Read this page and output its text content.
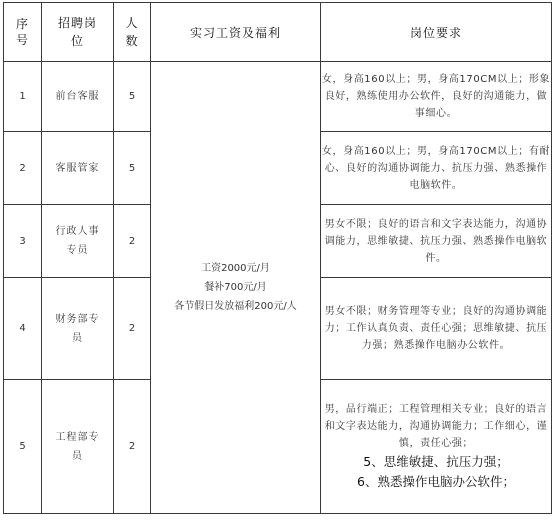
序
号	招聘岗
位	人
数	实习工资及福利	岗位要求
1	前台客服	5	工资2000元/月
餐补700元/月
各节假日发放福利200元/人	女，身高160以上；男，身高170CM以上；形象良好，熟练使用办公软件，良好的沟通能力，做事细心。
2	客服管家	5		女，身高160以上；男，身高170CM以上；有耐心、良好的沟通协调能力、抗压力强、熟悉操作电脑软件。
3	行政人事
专员	2		男女不限；良好的语言和文字表达能力，沟通协调能力，思维敏捷、抗压力强、熟悉操作电脑软件。
4	财务部专
员	2		男女不限；财务管理等专业；良好的沟通协调能力；工作认真负责、责任心强；思维敏捷、抗压力强；熟悉操作电脑办公软件。
5	工程部专
员	2		男，品行端正；工程管理相关专业；良好的语言和文字表达能力，沟通协调能力；工作细心，谨慎，责任心强；
5、思维敏捷、抗压力强；
6、熟悉操作电脑办公软件；
